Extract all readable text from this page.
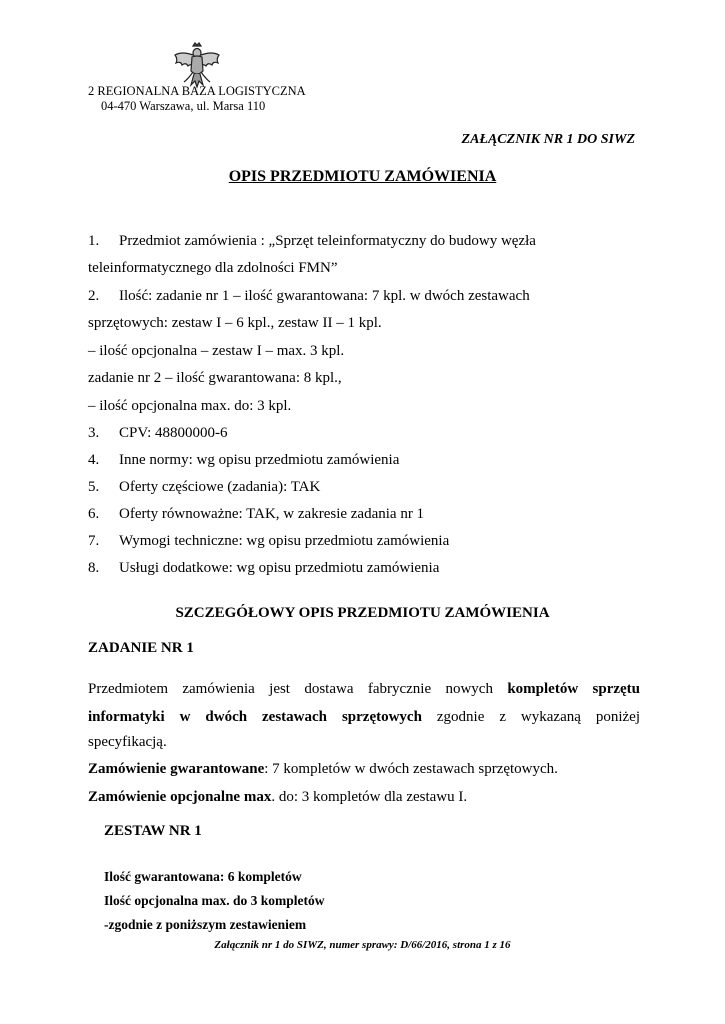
2 REGIONALNA BAZA LOGISTYCZNA
04-470 Warszawa, ul. Marsa 110
ZAŁĄCZNIK NR 1 DO SIWZ
OPIS PRZEDMIOTU ZAMÓWIENIA
1. Przedmiot zamówienia : „Sprzęt teleinformatyczny do budowy węzła
teleinformatycznego dla zdolności FMN”
2. Ilość: zadanie nr 1 – ilość gwarantowana: 7 kpl. w dwóch zestawach
sprzętowych: zestaw I – 6 kpl., zestaw II – 1 kpl.
– ilość opcjonalna – zestaw I – max. 3 kpl.
zadanie nr 2 – ilość gwarantowana: 8 kpl.,
– ilość opcjonalna max. do: 3 kpl.
3. CPV: 48800000-6
4. Inne normy: wg opisu przedmiotu zamówienia
5. Oferty częściowe (zadania): TAK
6. Oferty równoważne: TAK, w zakresie zadania nr 1
7. Wymogi techniczne: wg opisu przedmiotu zamówienia
8. Usługi dodatkowe: wg opisu przedmiotu zamówienia
SZCZEGÓŁOWY OPIS PRZEDMIOTU ZAMÓWIENIA
ZADANIE NR 1
Przedmiotem zamówienia jest dostawa fabrycznie nowych kompletów sprzętu
informatyki w dwóch zestawach sprzętowych zgodnie z wykazaną poniżej
specyfikacją.
Zamówienie gwarantowane: 7 kompletów w dwóch zestawach sprzętowych.
Zamówienie opcjonalne max. do: 3 kompletów dla zestawu I.
ZESTAW NR 1
Ilość gwarantowana: 6 kompletów
Ilość opcjonalna max. do 3 kompletów
-zgodnie z poniższym zestawieniem
Załącznik nr 1 do SIWZ, numer sprawy: D/66/2016, strona 1 z 16
